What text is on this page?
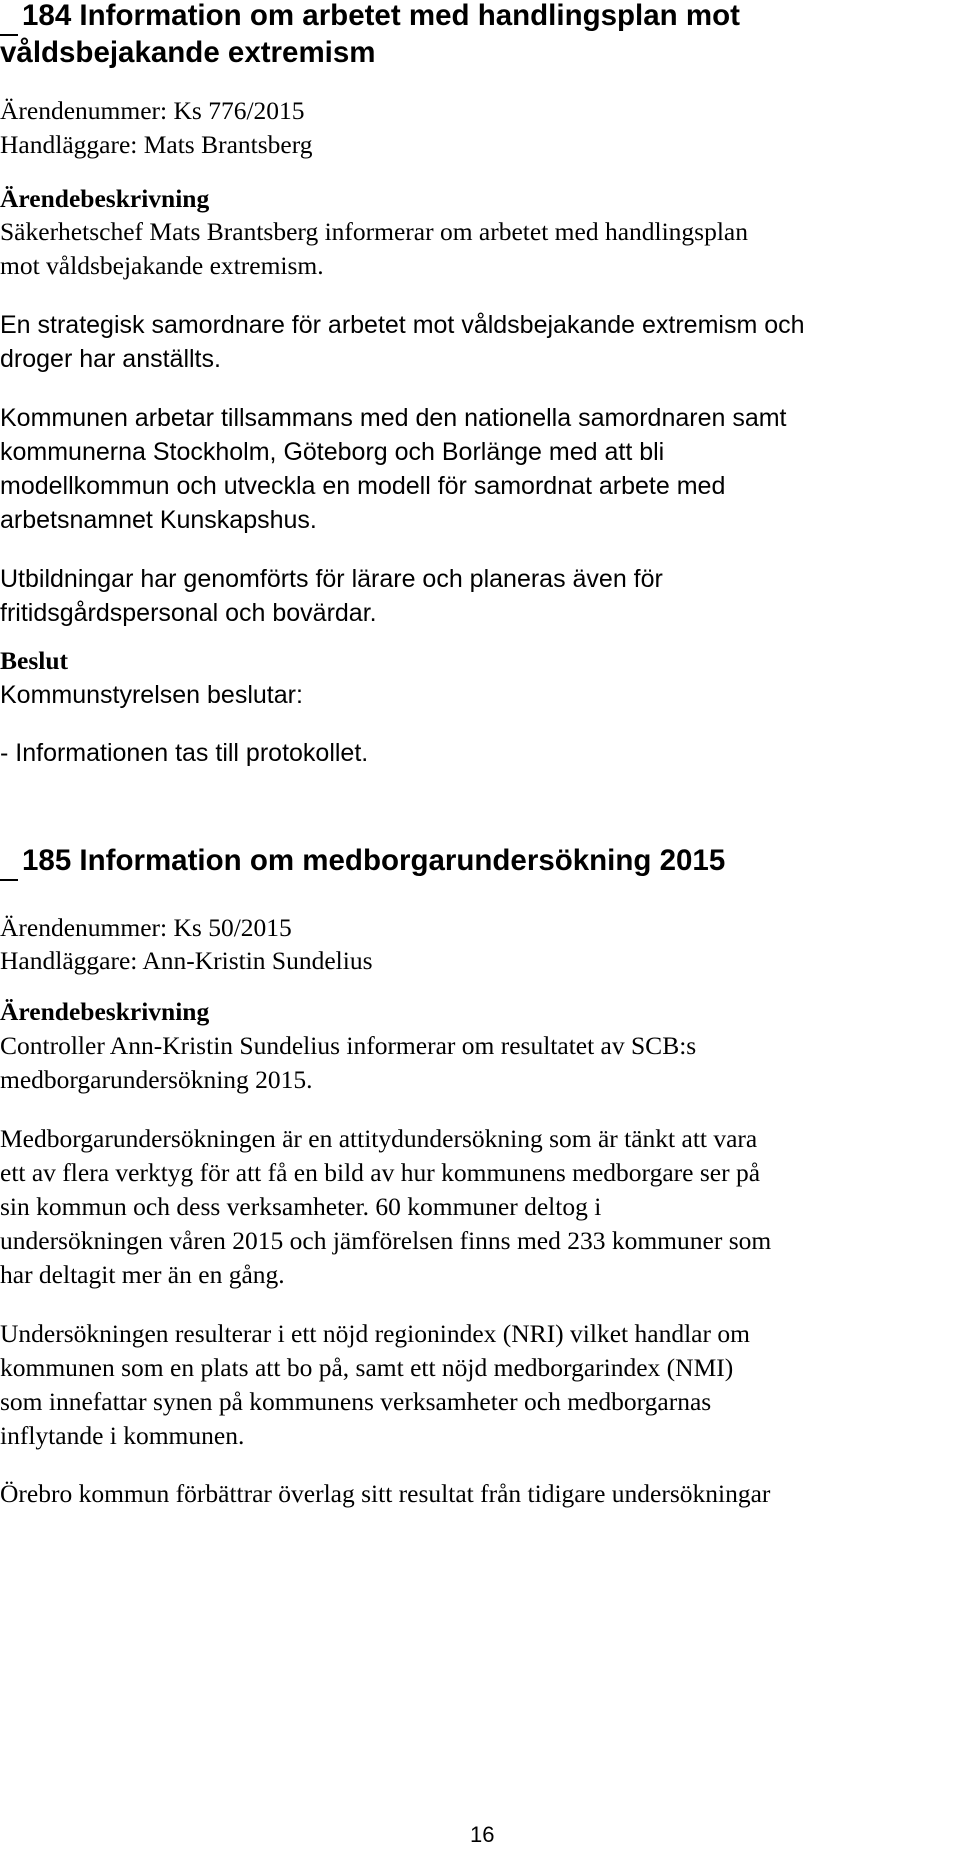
184 Information om arbetet med handlingsplan mot
våldsbejakande extremism
Ärendenummer: Ks 776/2015
Handläggare: Mats Brantsberg
Ärendebeskrivning
Säkerhetschef Mats Brantsberg informerar om arbetet med handlingsplan
mot våldsbejakande extremism.
En strategisk samordnare för arbetet mot våldsbejakande extremism och
droger har anställts.
Kommunen arbetar tillsammans med den nationella samordnaren samt
kommunerna Stockholm, Göteborg och Borlänge med att bli
modellkommun och utveckla en modell för samordnat arbete med
arbetsnamnet Kunskapshus.
Utbildningar har genomförts för lärare och planeras även för
fritidsgårdspersonal och bovärdar.
Beslut
Kommunstyrelsen beslutar:
- Informationen tas till protokollet.
185 Information om medborgarundersökning 2015
Ärendenummer: Ks 50/2015
Handläggare: Ann-Kristin Sundelius
Ärendebeskrivning
Controller Ann-Kristin Sundelius informerar om resultatet av SCB:s
medborgarundersökning 2015.
Medborgarundersökningen är en attitydundersökning som är tänkt att vara
ett av flera verktyg för att få en bild av hur kommunens medborgare ser på
sin kommun och dess verksamheter. 60 kommuner deltog i
undersökningen våren 2015 och jämförelsen finns med 233 kommuner som
har deltagit mer än en gång.
Undersökningen resulterar i ett nöjd regionindex (NRI) vilket handlar om
kommunen som en plats att bo på, samt ett nöjd medborgarindex (NMI)
som innefattar synen på kommunens verksamheter och medborgarnas
inflytande i kommunen.
Örebro kommun förbättrar överlag sitt resultat från tidigare undersökningar
16
